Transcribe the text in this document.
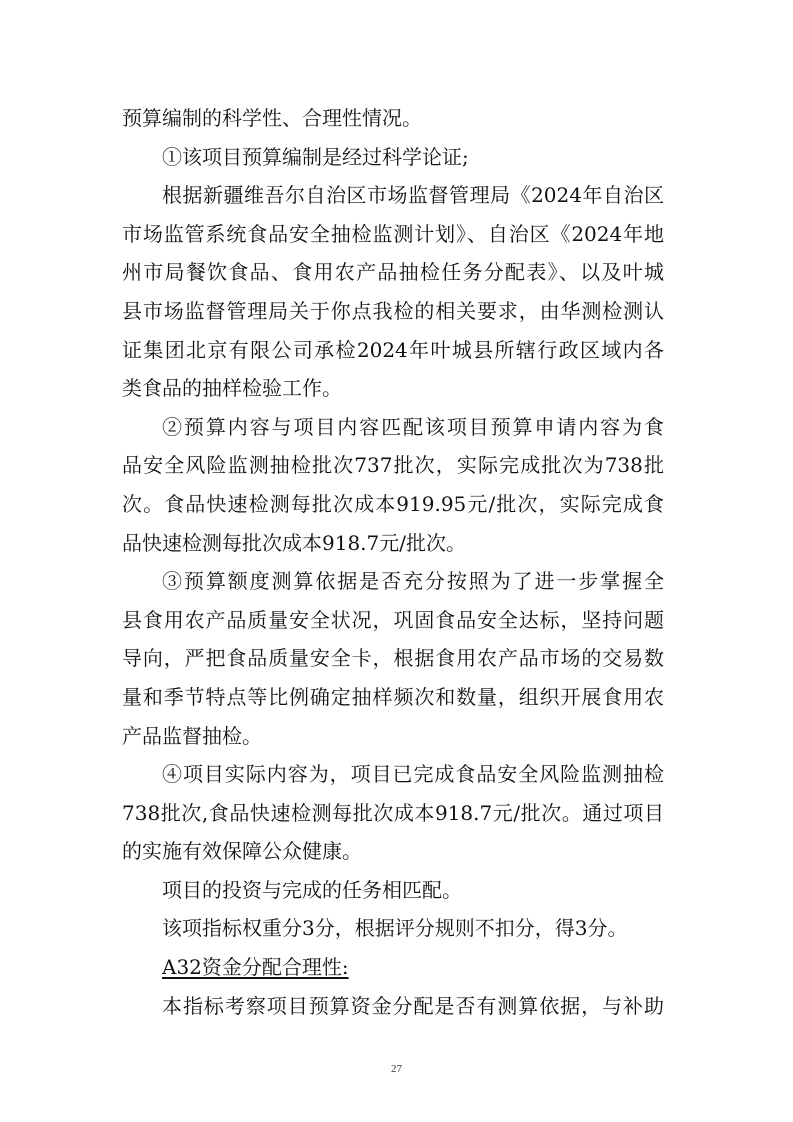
预算编制的科学性、合理性情况。
①该项目预算编制是经过科学论证;
根据新疆维吾尔自治区市场监督管理局《2024年自治区
市场监管系统食品安全抽检监测计划》、自治区《2024年地
州市局餐饮食品、食用农产品抽检任务分配表》、以及叶城
县市场监督管理局关于你点我检的相关要求，由华测检测认
证集团北京有限公司承检2024年叶城县所辖行政区域内各
类食品的抽样检验工作。
②预算内容与项目内容匹配该项目预算申请内容为食
品安全风险监测抽检批次737批次，实际完成批次为738批
次。食品快速检测每批次成本919.95元/批次，实际完成食
品快速检测每批次成本918.7元/批次。
③预算额度测算依据是否充分按照为了进一步掌握全
县食用农产品质量安全状况，巩固食品安全达标，坚持问题
导向，严把食品质量安全卡，根据食用农产品市场的交易数
量和季节特点等比例确定抽样频次和数量，组织开展食用农
产品监督抽检。
④项目实际内容为，项目已完成食品安全风险监测抽检
738批次,食品快速检测每批次成本918.7元/批次。通过项目
的实施有效保障公众健康。
项目的投资与完成的任务相匹配。
该项指标权重分3分，根据评分规则不扣分，得3分。
A32资金分配合理性:
本指标考察项目预算资金分配是否有测算依据，与补助
27
